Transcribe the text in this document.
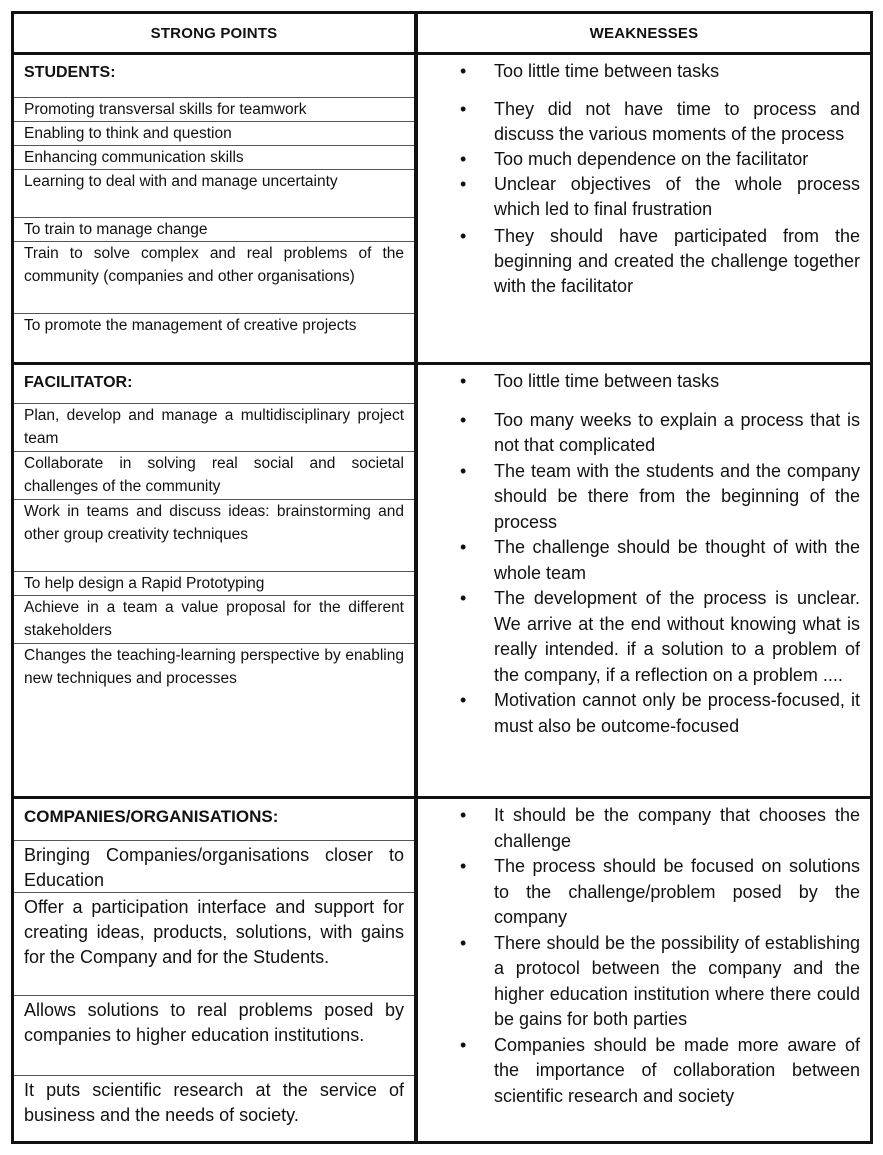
STRONG POINTS	WEAKNESSES
STUDENTS:
Promoting transversal skills for teamwork
Enabling to think and question
Enhancing communication skills
Learning to deal with and manage uncertainty
To train to manage change
Train to solve complex and real problems of the community (companies and other organisations)
To promote the management of creative projects
• Too little time between tasks
• They did not have time to process and discuss the various moments of the process
• Too much dependence on the facilitator
• Unclear objectives of the whole process which led to final frustration
• They should have participated from the beginning and created the challenge together with the facilitator
FACILITATOR:
Plan, develop and manage a multidisciplinary project team
Collaborate in solving real social and societal challenges of the community
Work in teams and discuss ideas: brainstorming and other group creativity techniques
To help design a Rapid Prototyping
Achieve in a team a value proposal for the different stakeholders
Changes the teaching-learning perspective by enabling new techniques and processes
• Too little time between tasks
• Too many weeks to explain a process that is not that complicated
• The team with the students and the company should be there from the beginning of the process
• The challenge should be thought of with the whole team
• The development of the process is unclear. We arrive at the end without knowing what is really intended. if a solution to a problem of the company, if a reflection on a problem ....
• Motivation cannot only be process-focused, it must also be outcome-focused
COMPANIES/ORGANISATIONS:
Bringing Companies/organisations closer to Education
Offer a participation interface and support for creating ideas, products, solutions, with gains for the Company and for the Students.
Allows solutions to real problems posed by companies to higher education institutions.
It puts scientific research at the service of business and the needs of society.
• It should be the company that chooses the challenge
• The process should be focused on solutions to the challenge/problem posed by the company
• There should be the possibility of establishing a protocol between the company and the higher education institution where there could be gains for both parties
• Companies should be made more aware of the importance of collaboration between scientific research and society
